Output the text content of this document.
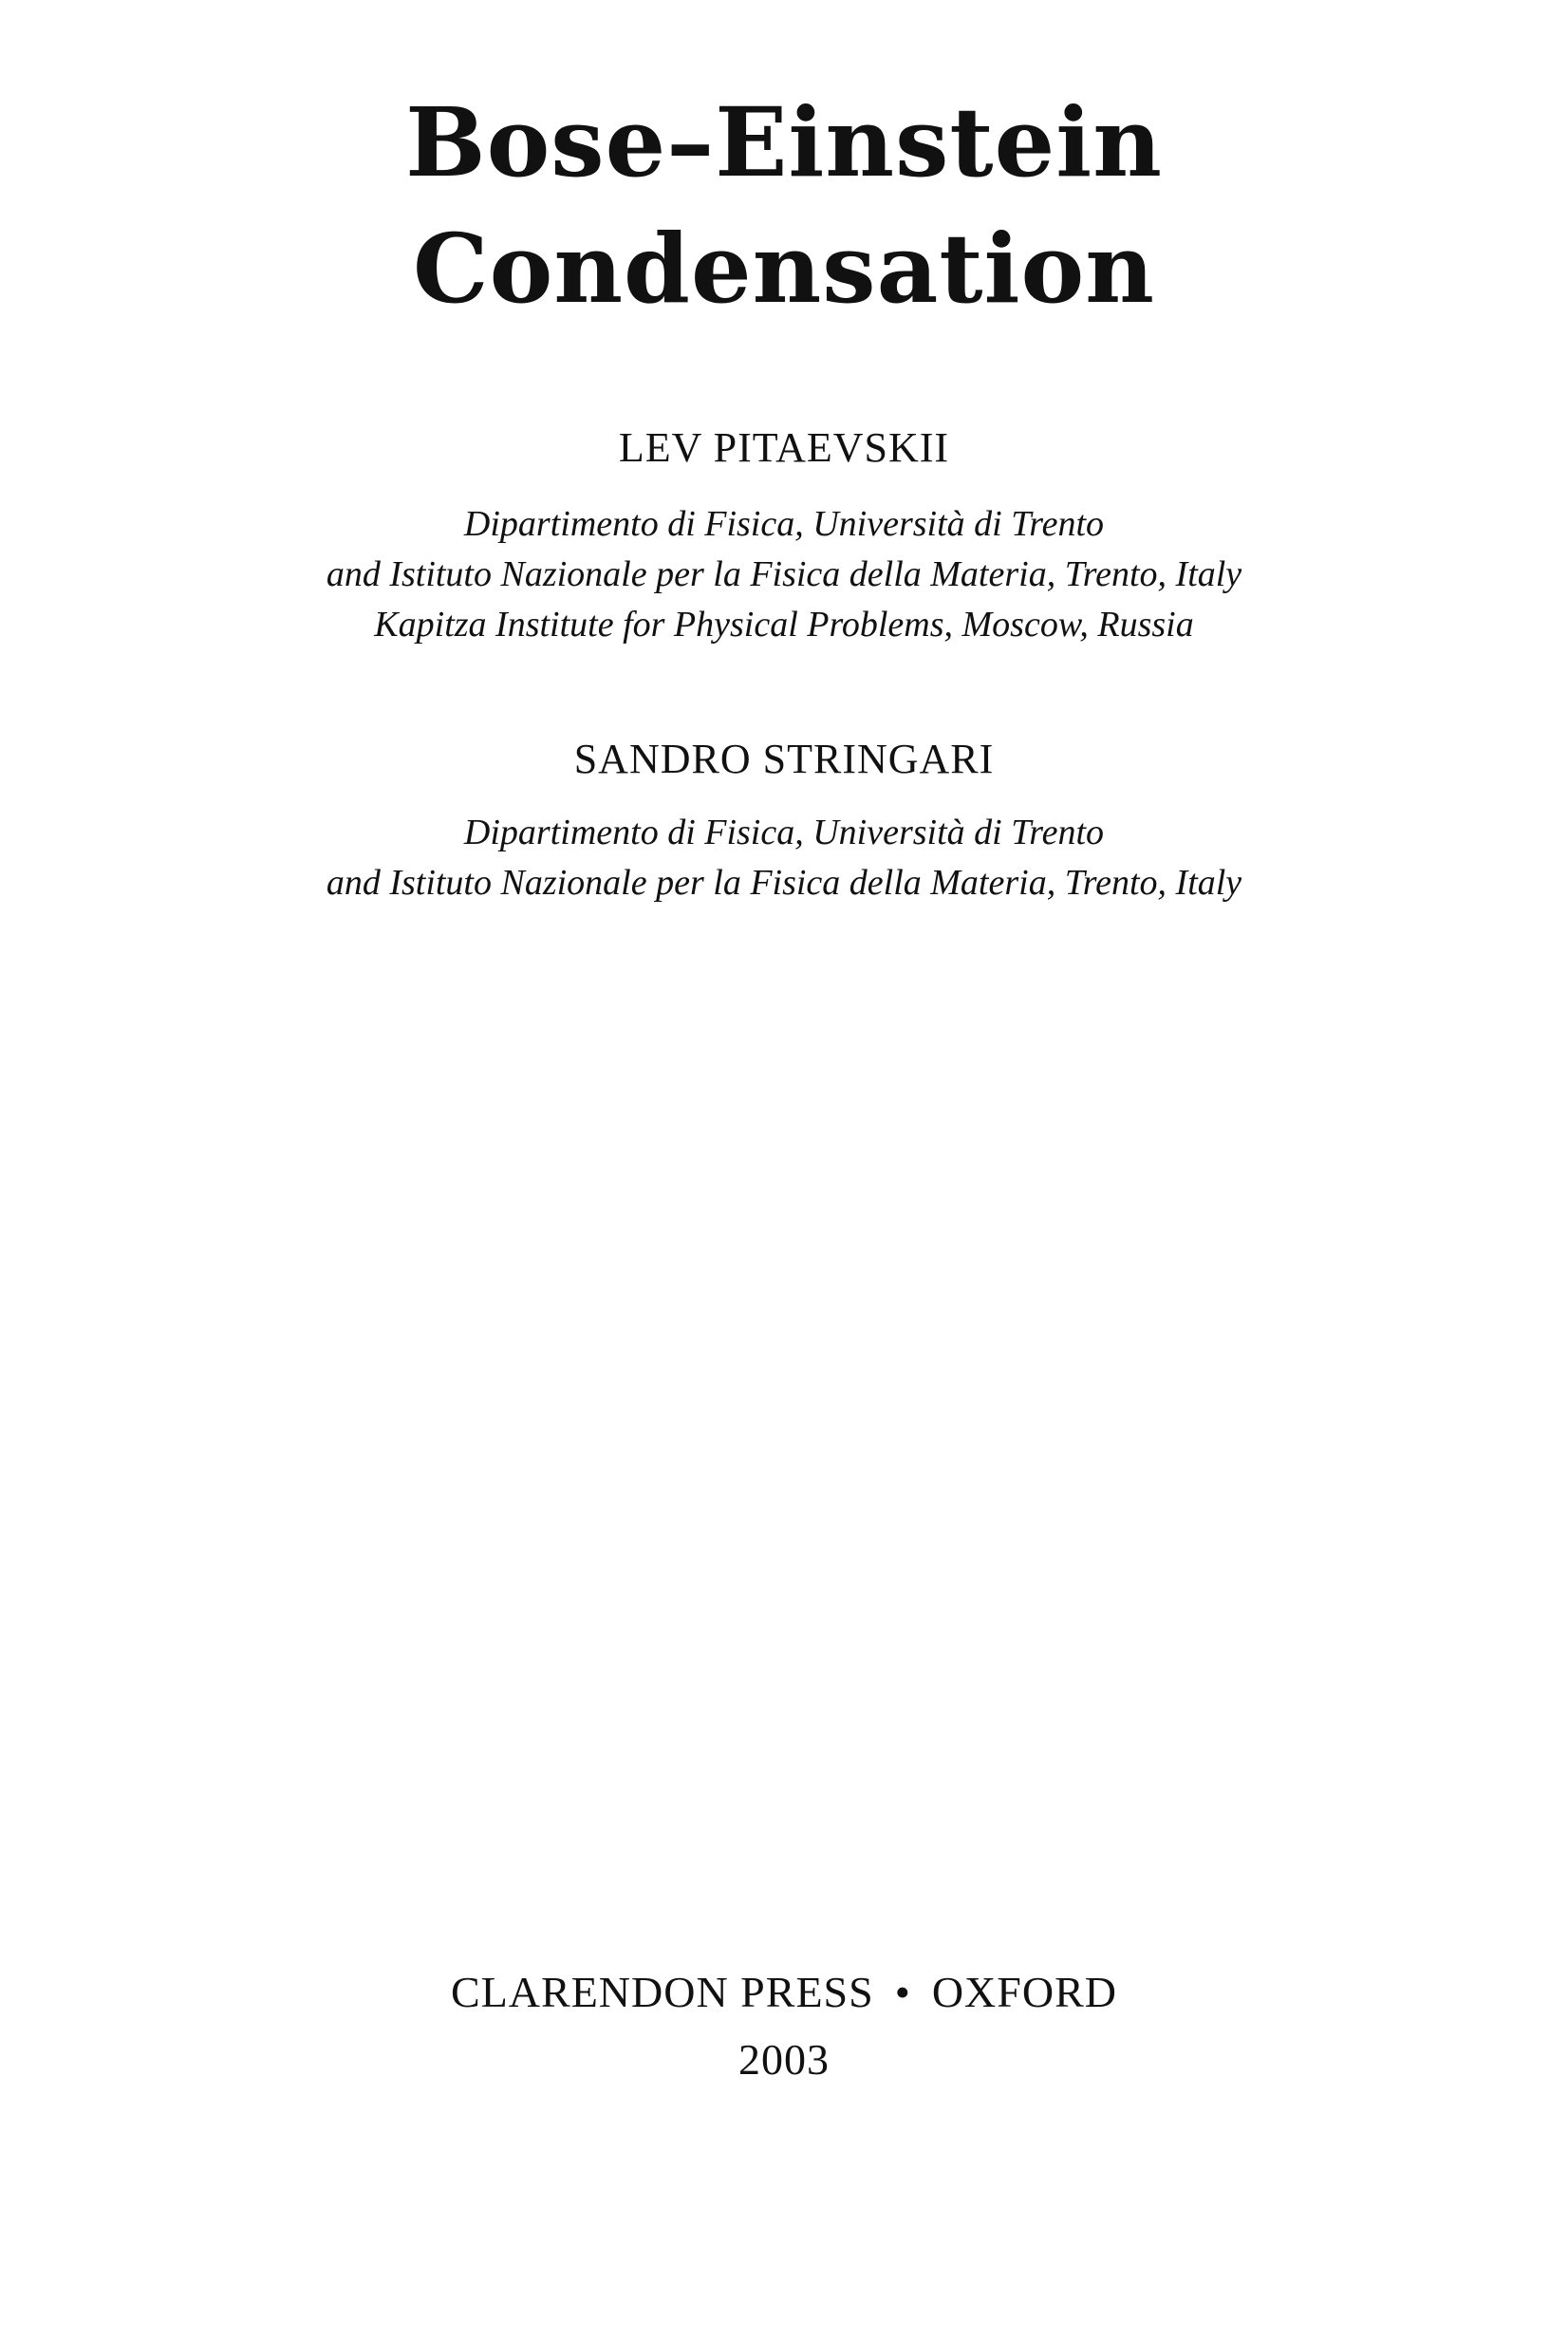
Bose–Einstein
Condensation
LEV PITAEVSKII
Dipartimento di Fisica, Università di Trento
and Istituto Nazionale per la Fisica della Materia, Trento, Italy
Kapitza Institute for Physical Problems, Moscow, Russia
SANDRO STRINGARI
Dipartimento di Fisica, Università di Trento
and Istituto Nazionale per la Fisica della Materia, Trento, Italy
CLARENDON PRESS • OXFORD
2003
